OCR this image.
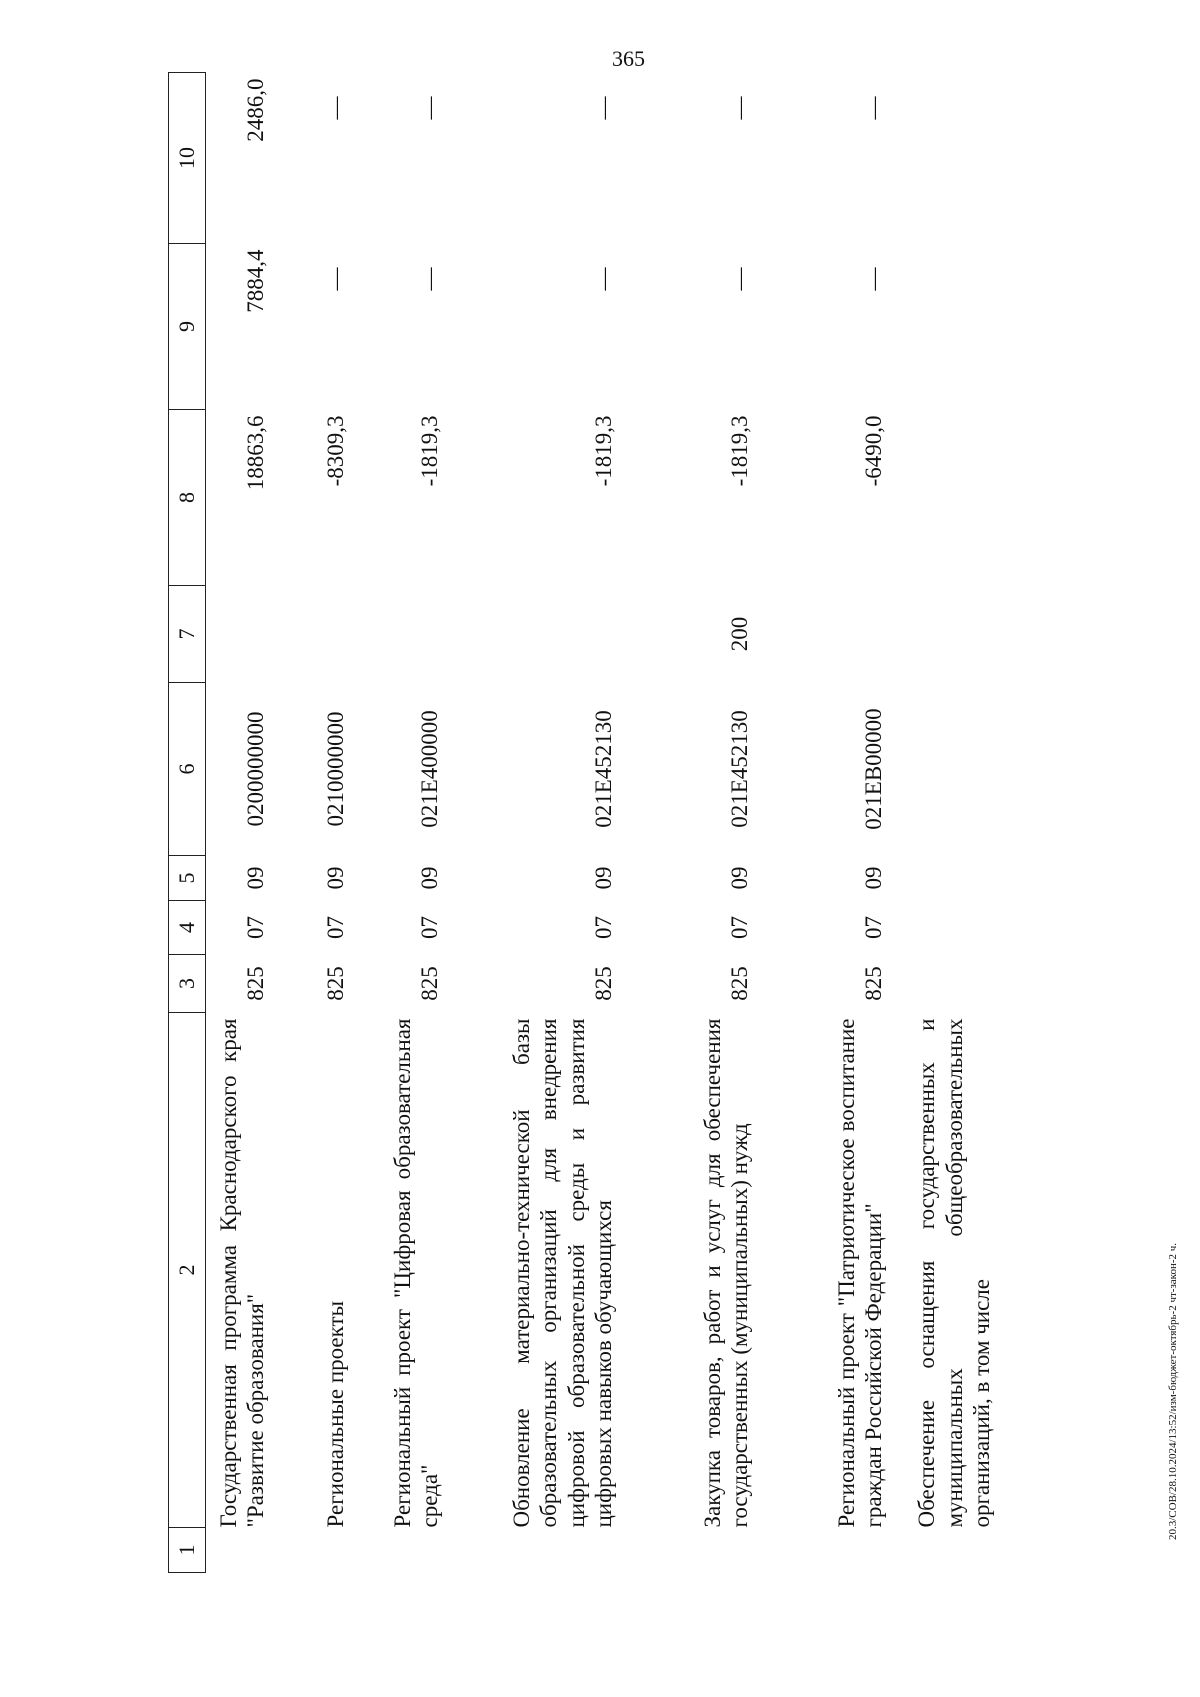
365
20.3/СОВ/28.10.2024/13:52/изм-бюджет-октябрь-2 чт-закон-2 ч.
1	2	3	4	5	6	7	8	9	10
	Государственная программа Краснодарского края "Развитие образования"	825	07	09	0200000000		18863,6	7884,4	2486,0
	Региональные проекты	825	07	09	0210000000		-8309,3	—	—
	Региональный проект "Цифровая образовательная среда"	825	07	09	021Е400000		-1819,3	—	—
	Обновление материально-технической базы образовательных организаций для внедрения цифровой образовательной среды и развития цифровых навыков обучающихся	825	07	09	021Е452130		-1819,3	—	—
	Закупка товаров, работ и услуг для обеспечения государственных (муниципальных) нужд	825	07	09	021Е452130	200	-1819,3	—	—
	Региональный проект "Патриотическое воспитание граждан Российской Федерации"	825	07	09	021ЕВ00000		-6490,0	—	—
	Обеспечение оснащения государственных и муниципальных общеобразовательных организаций, в том числе								
